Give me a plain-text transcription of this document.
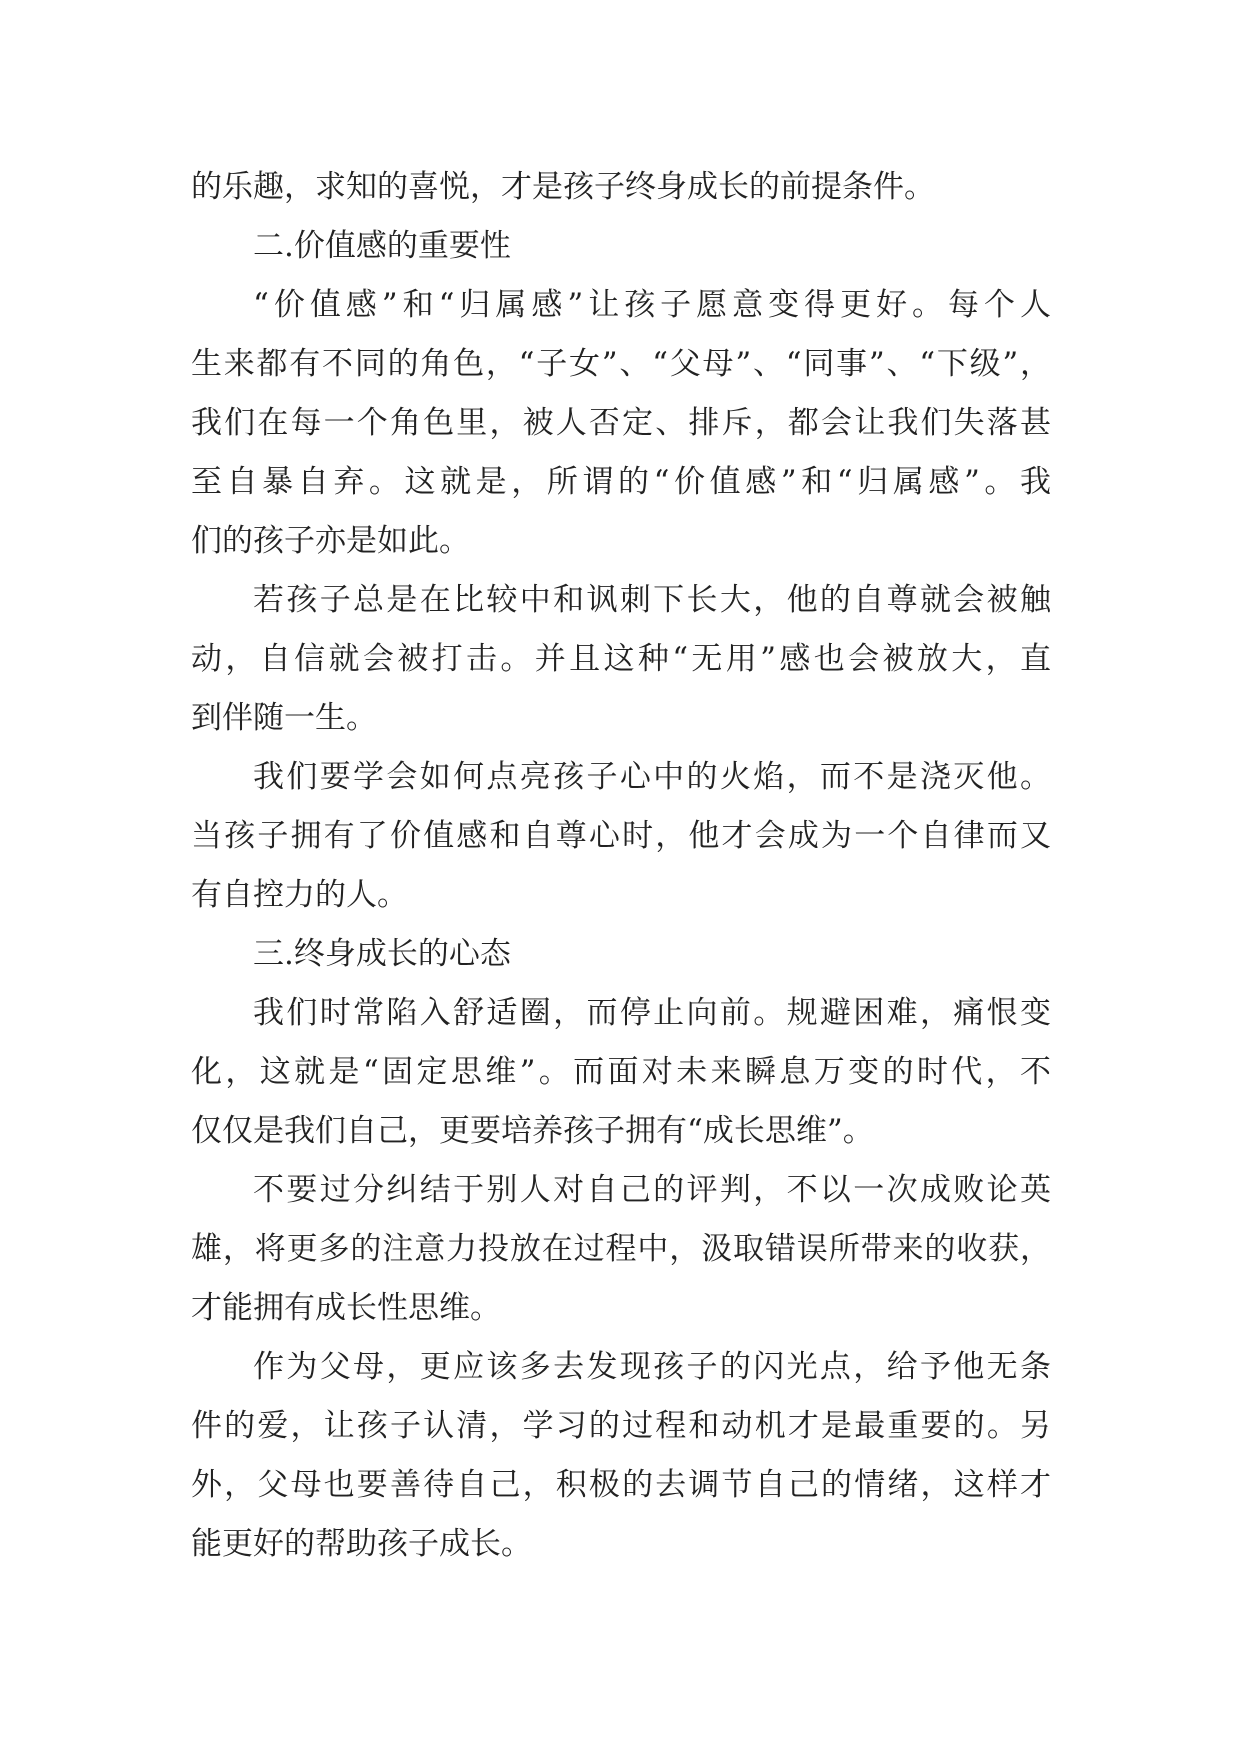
的乐趣，求知的喜悦，才是孩子终身成长的前提条件。
二.价值感的重要性
“价值感”和“归属感”让孩子愿意变得更好。每个人
生来都有不同的角色，“子女”、“父母”、“同事”、“下级”，
我们在每一个角色里，被人否定、排斥，都会让我们失落甚
至自暴自弃。这就是，所谓的“价值感”和“归属感”。我
们的孩子亦是如此。
若孩子总是在比较中和讽刺下长大，他的自尊就会被触
动，自信就会被打击。并且这种“无用”感也会被放大，直
到伴随一生。
我们要学会如何点亮孩子心中的火焰，而不是浇灭他。
当孩子拥有了价值感和自尊心时，他才会成为一个自律而又
有自控力的人。
三.终身成长的心态
我们时常陷入舒适圈，而停止向前。规避困难，痛恨变
化，这就是“固定思维”。而面对未来瞬息万变的时代，不
仅仅是我们自己，更要培养孩子拥有“成长思维”。
不要过分纠结于别人对自己的评判，不以一次成败论英
雄，将更多的注意力投放在过程中，汲取错误所带来的收获，
才能拥有成长性思维。
作为父母，更应该多去发现孩子的闪光点，给予他无条
件的爱，让孩子认清，学习的过程和动机才是最重要的。另
外，父母也要善待自己，积极的去调节自己的情绪，这样才
能更好的帮助孩子成长。
